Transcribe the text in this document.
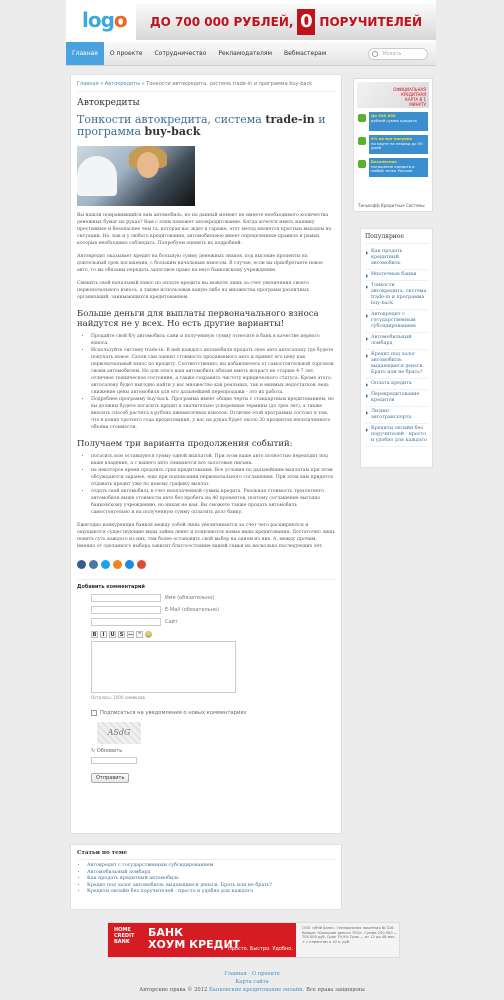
logo ДО 700 000 РУБЛЕЙ, 0 ПОРУЧИТЕЛЕЙ
Главная	О проекте	Сотрудничество	Рекламодателям	Вебмастерам	Искать
Главная » Автокредиты » Тонкости автокредита, система trade-in и программа buy-back
Автокредиты
Тонкости автокредита, система trade-in и программа buy-back

Вы нашли понравившийся вам автомобиль, но на данный момент не имеете необходимого количества денежных бумаг на руках? Вам с этим поможет автокредитование. Когда хочется иметь машину престижнее и безопаснее чем та, которая вас ждет в гараже, этот метод является простым выходом из ситуации. Но, как и у любого кредитования, автомобильное имеет определенные правила и рамки, которые необходимо соблюдать. Попробуем оценить их подробней.

Автокредит оказывает кредит на большую сумму денежных знаков, под высокие проценты на длительный срок погашения, с большим начальным взносом. В случае, если вы приобретаете новое авто, то вы обязаны передать залоговое право на него банковскому учреждению.

Сменить свой начальный взнос по оплате кредита вы можете лишь за счет увеличения своего первоначального взноса, а также использовав какую-либо из множества программ различных организаций, занимающихся кредитованием.

Больше деньги для выплаты первоначального взноса найдутся не у всех. Но есть другие варианты!
• Продайте свой б/у автомобиль сами и полученную сумму отнесите в банк в качестве первого взноса.
• Используйте систему trade-in. В ней каждого автомобиля продать свое авто автосалону где будете покупать новое. Салон сам оценит стоимость продаваемого авто и примет его цену как первоначальный взнос по кредиту. Соответственно, вы избавляетесь от самостоятельной торговли своим автомобилем. Но для этого ваш автомобиль обязан иметь возраст не старше 4-7 лет, отличное техническое состояние, а также сохранять чистоту юридического статуса. Кроме этого, автосалону будет выгодно найти у вас множество как реальных, так и мнимых недостатков, ведь снижение цены автомобиля для его дальнейшей перепродажи - это их работа.
• Подробнее программу buy-back. Программа имеет общие черты с стандартным кредитованием, но вы должны будете погасить кредит в значительно ускоренные термины (до трех лет), а также вносить способ расчета в рублях ежемесячных взносов. Отличие этой программы состоит в том, что в конце третьего года кредитования, у вас на руках будет около 30 процентов неоплаченного объема стоимости.
Получаем три варианта продолжения событий:
• погасить всю оставшуюся сумму одной выплатой. При этом ваше авто полностью переходит под ваше владение, а с вашего авто снимаются все залоговые письма.
• на некоторое время продлить срок кредитования. Все условия по дальнейшим выплатам при этом обсуждаются заранее, еще при подписании первоначального соглашения. При этом вам придется отдавать кредит уже по новому графику выплат.
• отдать свой автомобиль в счет неоплаченной суммы кредита. Реальная стоимость трехлетнего автомобиля выше стоимости авто без пробега на 40 процентов, поэтому соглашение выгодно банковскому учреждению, но никак не вам. Вы сможете также продать автомобиль самостоятельно и на полученную сумму оплатить долг банку.

Ежегодно конкуренция банков между собой лишь увеличивается за счет чего расширяются и ощущаются существующие виды займа денег и появляются новые виды кредитования. Достаточно лишь понять суть каждого из них, тем более остановить свой выбор на одном из них. А, между прочим, именно от сделанного выбора зависит благосостояние вашей семьи на несколько последующих лет.

Добавить комментарий
Имя (обязательно)
E-Mail (обязательно)
Сайт
B	I	U	S —	"	◡
Осталось: 1000 символов
Подписаться на уведомления о новых комментариях
ASdG
↻ Обновить
Отправить
ОФИЦИАЛЬНАЯ КРЕДИТНАЯ КАРТА В 1 МИНУТУ
До 300 000
рублей сумма кредита
0% на все покупки
по карте на период до 55 дней
Бесплатное
погашение кредита в любой точке России!
Тинькофф Кредитные Системы
Популярное
Как продать кредитный автомобиль
Ипотечные банки
Тонкости автокредита, система trade-in и программа buy-back
Автокредит с государственным субсидированием
Автомобильный ломбард
Кредит под залог автомобиля: выдающиеся деньги. Брать или не брать?
Оплата кредита
Перекредитование кредитов
Лизинг автотранспорта
Кредиты онлайн без поручителей - просто и удобно для каждого
Статьи по теме
• Автокредит с государственным субсидированием
• Автомобильный ломбард
• Как продать кредитный автомобиль
• Кредит под залог автомобиля: выдающиеся деньги. Брать или не брать?
• Кредиты онлайн без поручителей - просто и удобно для каждого
HOME CREDIT BANK
БАНК
ХОУМ КРЕДИТ
Просто. Быстро. Удобно.
ООО «ХКФ Банк». Генеральная лицензия № 316. Кредит «Большие деньги 70%». Сумма 250 000 — 700 000 руб. Срок 79,9% Срок — от 12 до 48 мес. + с клиентом и 10 к. руб.
Главная · О проекте
Карта сайта
Авторские права © 2012 Банковские кредитование онлайн. Все права защищены
